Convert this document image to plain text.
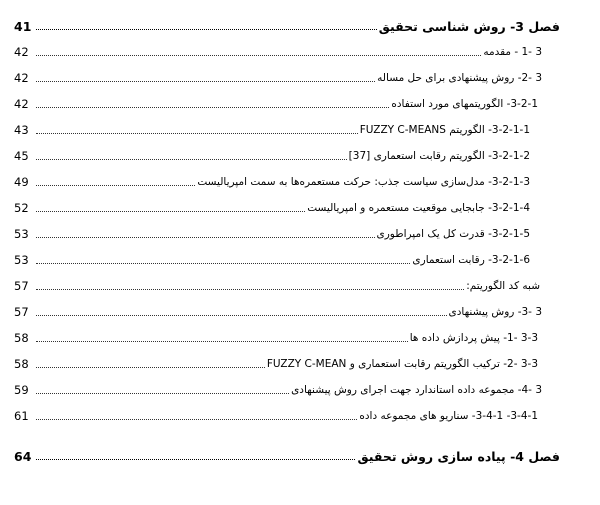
فصل 3- روش شناسی تحقیق
41
3 -1 - مقدمه
42
3 -2- روش پیشنهادی برای حل مساله
42
3-2-1- الگوریتمهای مورد استفاده
42
3-2-1-1- الگوریتم FUZZY C-MEANS
43
3-2-1-2- الگوریتم رقابت استعماری [37]
45
3-2-1-3- مدل‌سازی سیاست جذب: حرکت مستعمره‌ها به سمت امپریالیست
49
3-2-1-4- جابجایی موقعیت مستعمره و امپریالیست
52
3-2-1-5- قدرت کل یک امپراطوری
53
3-2-1-6- رقابت استعماری
53
شبه کد الگوریتم:
57
3 -3- روش پیشنهادی
57
3-3 -1- پیش پردازش داده ها
58
3-3 -2- ترکیب الگوریتم رقابت استعماری و FUZZY C-MEAN
58
3 -4- مجموعه داده استاندارد جهت اجرای روش پیشنهادی
59
3-4-1- 3-4-1- سناریو های مجموعه داده
61
فصل 4- پیاده سازی روش تحقیق
64
